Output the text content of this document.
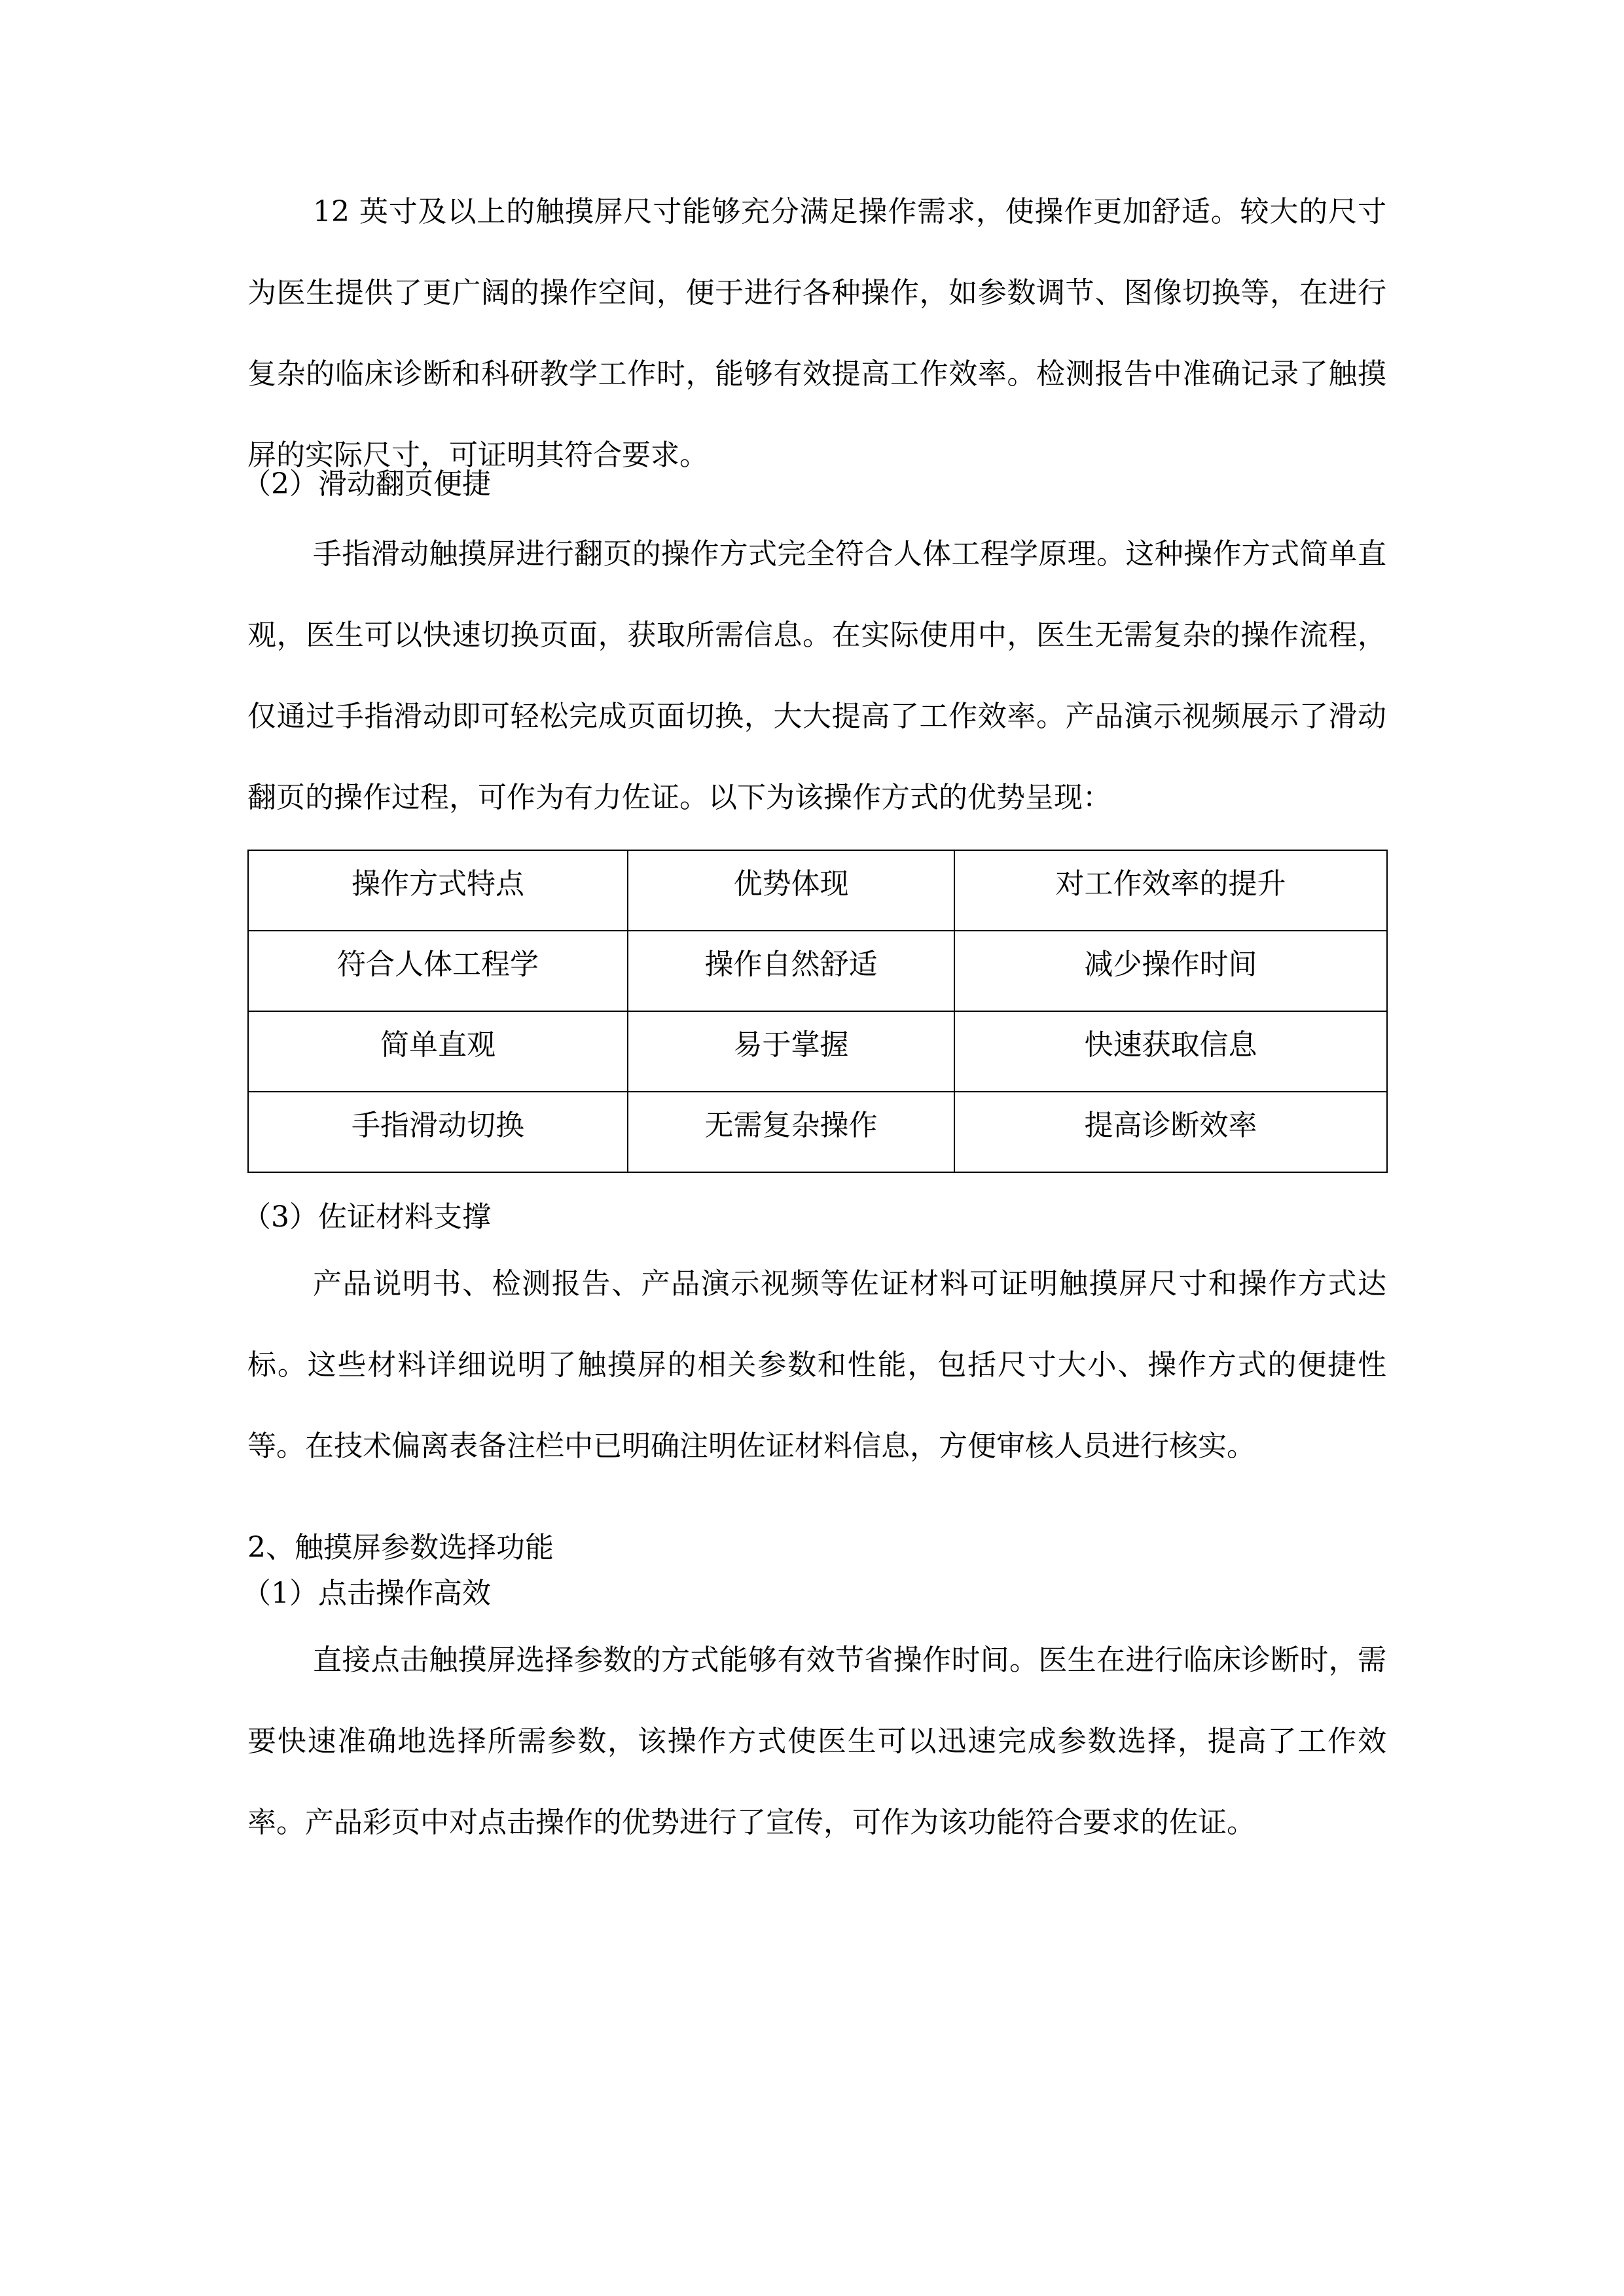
12 英寸及以上的触摸屏尺寸能够充分满足操作需求，使操作更加舒适。较大的尺寸为医生提供了更广阔的操作空间，便于进行各种操作，如参数调节、图像切换等，在进行复杂的临床诊断和科研教学工作时，能够有效提高工作效率。检测报告中准确记录了触摸屏的实际尺寸，可证明其符合要求。

（2）滑动翻页便捷

手指滑动触摸屏进行翻页的操作方式完全符合人体工程学原理。这种操作方式简单直观，医生可以快速切换页面，获取所需信息。在实际使用中，医生无需复杂的操作流程，仅通过手指滑动即可轻松完成页面切换，大大提高了工作效率。产品演示视频展示了滑动翻页的操作过程，可作为有力佐证。以下为该操作方式的优势呈现：

操作方式特点	优势体现	对工作效率的提升
符合人体工程学	操作自然舒适	减少操作时间
简单直观	易于掌握	快速获取信息
手指滑动切换	无需复杂操作	提高诊断效率

（3）佐证材料支撑

产品说明书、检测报告、产品演示视频等佐证材料可证明触摸屏尺寸和操作方式达标。这些材料详细说明了触摸屏的相关参数和性能，包括尺寸大小、操作方式的便捷性等。在技术偏离表备注栏中已明确注明佐证材料信息，方便审核人员进行核实。

2、触摸屏参数选择功能

（1）点击操作高效

直接点击触摸屏选择参数的方式能够有效节省操作时间。医生在进行临床诊断时，需要快速准确地选择所需参数，该操作方式使医生可以迅速完成参数选择，提高了工作效率。产品彩页中对点击操作的优势进行了宣传，可作为该功能符合要求的佐证。
